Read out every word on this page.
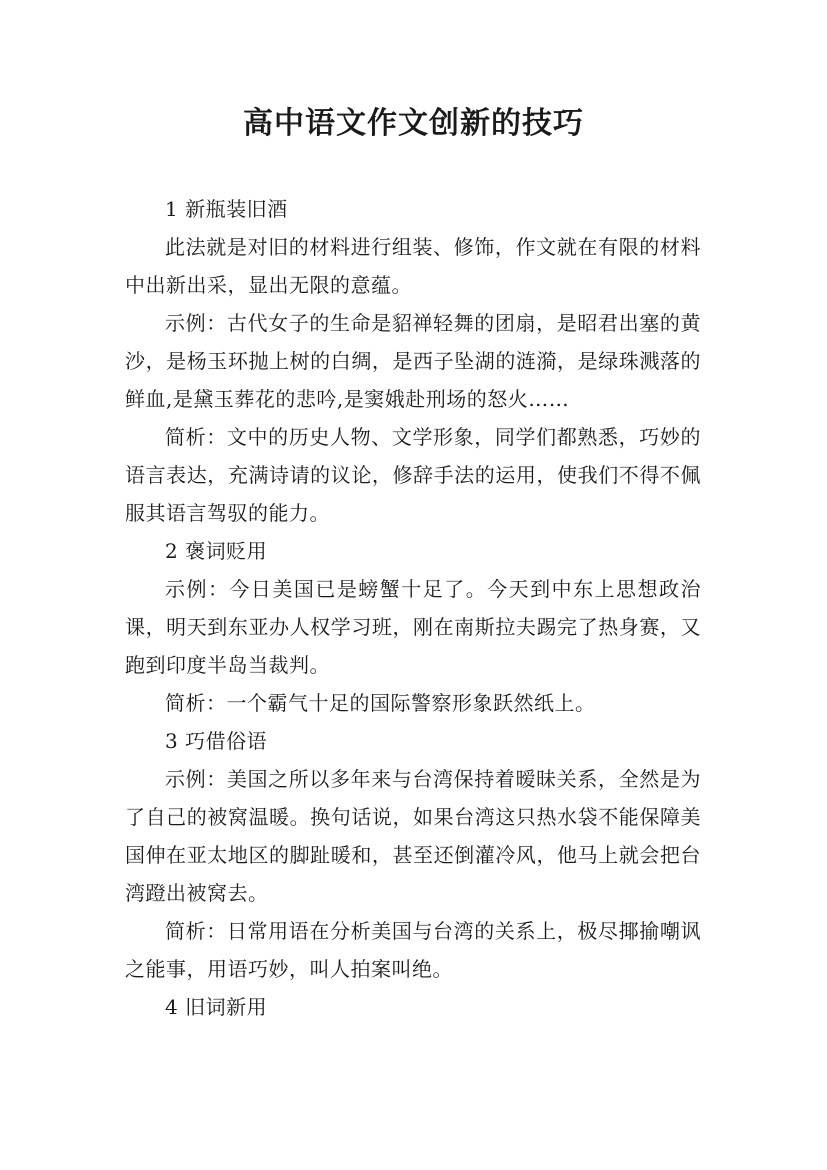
高中语文作文创新的技巧

1 新瓶装旧酒

此法就是对旧的材料进行组装、修饰，作文就在有限的材料中出新出采，显出无限的意蕴。

示例：古代女子的生命是貂禅轻舞的团扇，是昭君出塞的黄沙，是杨玉环抛上树的白绸，是西子坠湖的涟漪，是绿珠溅落的鲜血,是黛玉葬花的悲吟,是窦娥赴刑场的怒火……

简析：文中的历史人物、文学形象，同学们都熟悉，巧妙的语言表达，充满诗请的议论，修辞手法的运用，使我们不得不佩服其语言驾驭的能力。

2 褒词贬用

示例：今日美国已是螃蟹十足了。今天到中东上思想政治课，明天到东亚办人权学习班，刚在南斯拉夫踢完了热身赛，又跑到印度半岛当裁判。

简析：一个霸气十足的国际警察形象跃然纸上。

3 巧借俗语

示例：美国之所以多年来与台湾保持着暧昧关系，全然是为了自己的被窝温暖。换句话说，如果台湾这只热水袋不能保障美国伸在亚太地区的脚趾暖和，甚至还倒灌冷风，他马上就会把台湾蹬出被窝去。

简析：日常用语在分析美国与台湾的关系上，极尽揶揄嘲讽之能事，用语巧妙，叫人拍案叫绝。

4 旧词新用
